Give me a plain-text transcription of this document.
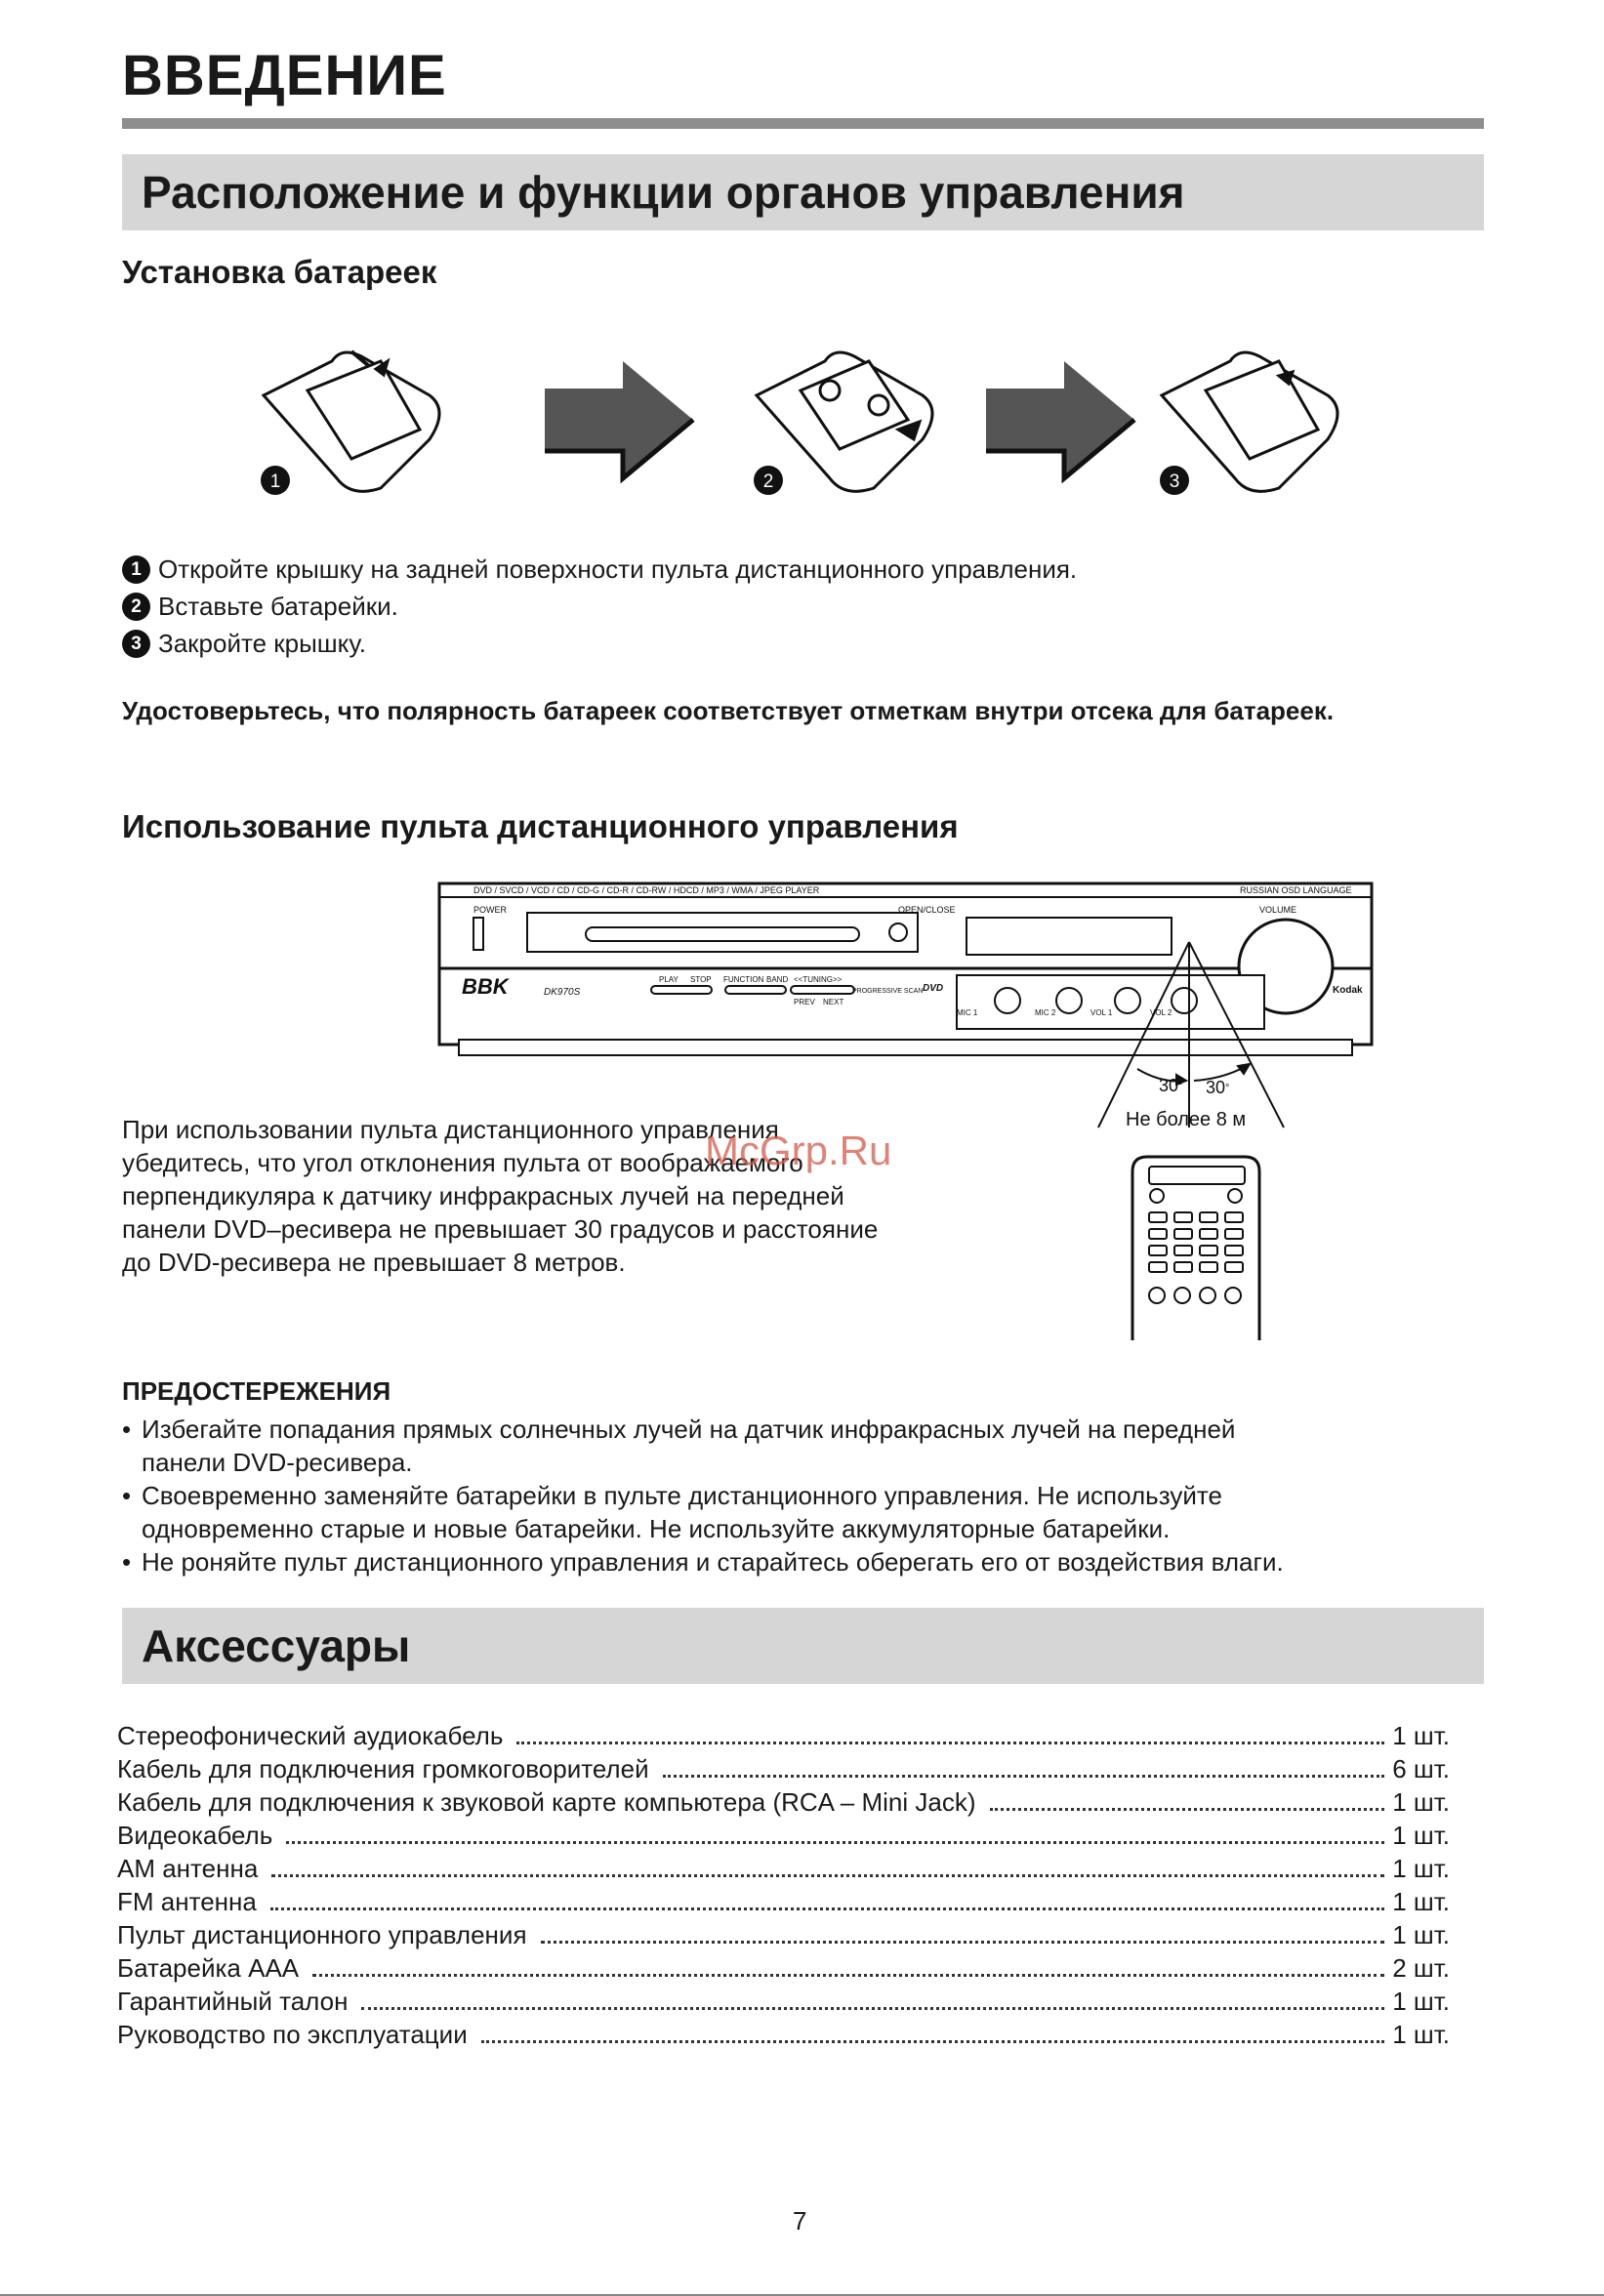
ВВЕДЕНИЕ
Расположение и функции органов управления
Установка батареек
1	2	3
1 Откройте крышку на задней поверхности пульта дистанционного управления.
2 Вставьте батарейки.
3 Закройте крышку.
Удостоверьтесь, что полярность батареек соответствует отметкам внутри отсека для батареек.
Использование пульта дистанционного управления
DVD / SVCD / VCD / CD / CD-G / CD-R / CD-RW / HDCD / MP3 / WMA / JPEG PLAYER	RUSSIAN OSD LANGUAGE
POWER	OPEN/CLOSE	VOLUME
BBK	DK970S
PLAY STOP FUNCTION BAND <<TUNING>>
PREV NEXT
PROGRESSIVE SCAN DVD
MIC 1	MIC 2	VOL 1	VOL 2
Kodak
30 ° 30 °
Не более 8 м
При использовании пульта дистанционного управления
убедитесь, что угол отклонения пульта от воображаемого
перпендикуляра к датчику инфракрасных лучей на передней
панели DVD–ресивера не превышает 30 градусов и расстояние
до DVD-ресивера не превышает 8 метров.
McGrp.Ru
ПРЕДОСТЕРЕЖЕНИЯ
• Избегайте попадания прямых солнечных лучей на датчик инфракрасных лучей на передней
панели DVD-ресивера.
• Своевременно заменяйте батарейки в пульте дистанционного управления. Не используйте
одновременно старые и новые батарейки. Не используйте аккумуляторные батарейки.
• Не роняйте пульт дистанционного управления и старайтесь оберегать его от воздействия влаги.
Аксессуары
Стереофонический аудиокабель	1 шт.
Кабель для подключения громкоговорителей	6 шт.
Кабель для подключения к звуковой карте компьютера (RCA – Mini Jack)	1 шт.
Видеокабель	1 шт.
AM антенна	1 шт.
FM антенна	1 шт.
Пульт дистанционного управления	1 шт.
Батарейка AAA	2 шт.
Гарантийный талон	1 шт.
Руководство по эксплуатации	1 шт.
7
